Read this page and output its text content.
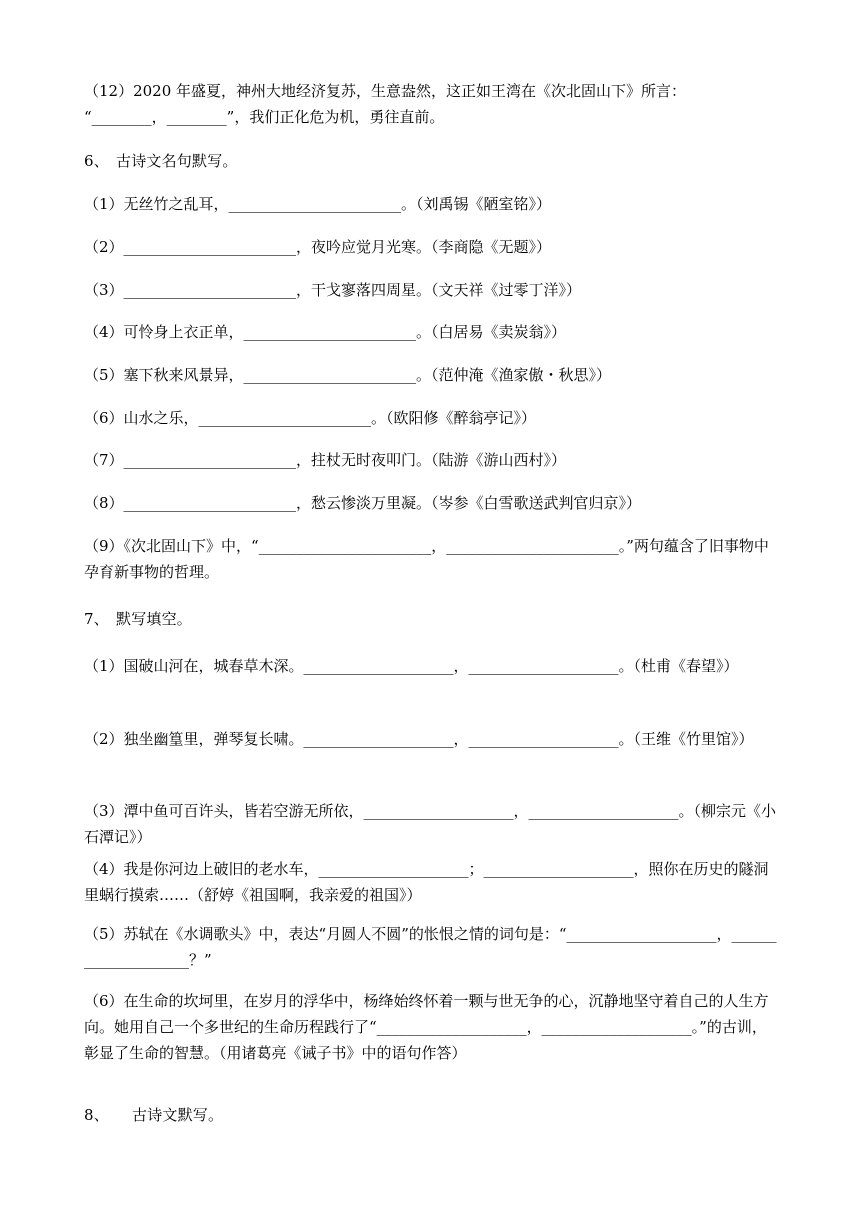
（12）2020 年盛夏，神州大地经济复苏，生意盎然，这正如王湾在《次北固山下》所言：

“________，________”，我们正化危为机，勇往直前。

6、 古诗文名句默写。

（1）无丝竹之乱耳，_______________________。（刘禹锡《陋室铭》）

（2）_______________________，夜吟应觉月光寒。（李商隐《无题》）

（3）_______________________，干戈寥落四周星。（文天祥《过零丁洋》）

（4）可怜身上衣正单，_______________________。（白居易《卖炭翁》）

（5）塞下秋来风景异，_______________________。（范仲淹《渔家傲・秋思》）

（6）山水之乐，_______________________。（欧阳修《醉翁亭记》）

（7）_______________________，拄杖无时夜叩门。（陆游《游山西村》）

（8）_______________________，愁云惨淡万里凝。（岑参《白雪歌送武判官归京》）

（9）《次北固山下》中，“_______________________，_______________________。”两句蕴含了旧事物中孕育新事物的哲理。

7、 默写填空。

（1）国破山河在，城春草木深。____________________，____________________。（杜甫《春望》）

（2）独坐幽篁里，弹琴复长啸。____________________，____________________。（王维《竹里馆》）

（3）潭中鱼可百许头，皆若空游无所依，____________________，____________________。（柳宗元《小石潭记》）

（4）我是你河边上破旧的老水车，____________________；____________________，照你在历史的隧洞里蜗行摸索……（舒婷《祖国啊，我亲爱的祖国》）

（5）苏轼在《水调歌头》中，表达“月圆人不圆”的怅恨之情的词句是：“____________________，____________________？”

（6）在生命的坎坷里，在岁月的浮华中，杨绛始终怀着一颗与世无争的心，沉静地坚守着自己的人生方向。她用自己一个多世纪的生命历程践行了“____________________，____________________。”的古训，彰显了生命的智慧。（用诸葛亮《诫子书》中的语句作答）

8、 古诗文默写。
